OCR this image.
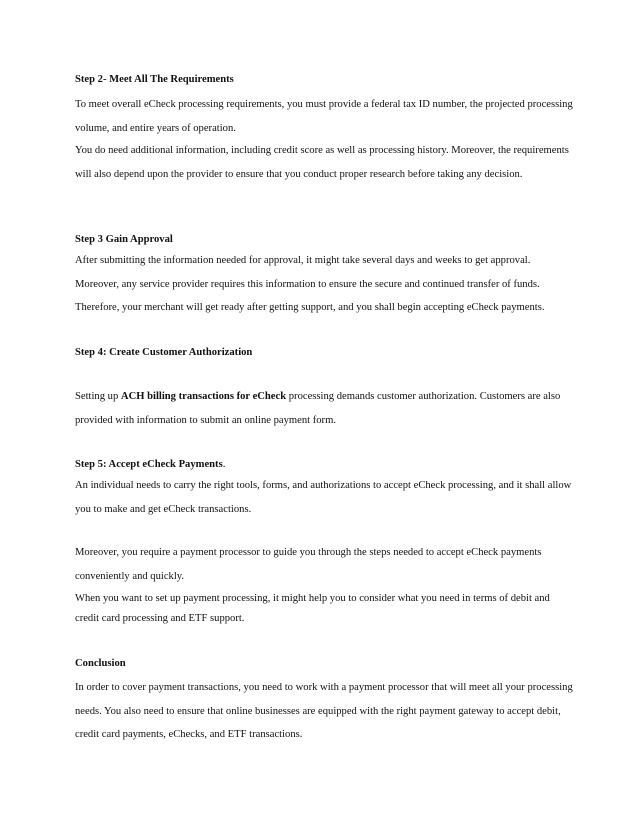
Step 2- Meet All The Requirements
To meet overall eCheck processing requirements, you must provide a federal tax ID number, the projected processing volume, and entire years of operation.
You do need additional information, including credit score as well as processing history. Moreover, the requirements will also depend upon the provider to ensure that you conduct proper research before taking any decision.
Step 3 Gain Approval
After submitting the information needed for approval, it might take several days and weeks to get approval. Moreover, any service provider requires this information to ensure the secure and continued transfer of funds. Therefore, your merchant will get ready after getting support, and you shall begin accepting eCheck payments.
Step 4: Create Customer Authorization
Setting up ACH billing transactions for eCheck processing demands customer authorization. Customers are also provided with information to submit an online payment form.
Step 5: Accept eCheck Payments.
An individual needs to carry the right tools, forms, and authorizations to accept eCheck processing, and it shall allow you to make and get eCheck transactions.
Moreover, you require a payment processor to guide you through the steps needed to accept eCheck payments conveniently and quickly.
When you want to set up payment processing, it might help you to consider what you need in terms of debit and credit card processing and ETF support.
Conclusion
In order to cover payment transactions, you need to work with a payment processor that will meet all your processing needs. You also need to ensure that online businesses are equipped with the right payment gateway to accept debit, credit card payments, eChecks, and ETF transactions.
